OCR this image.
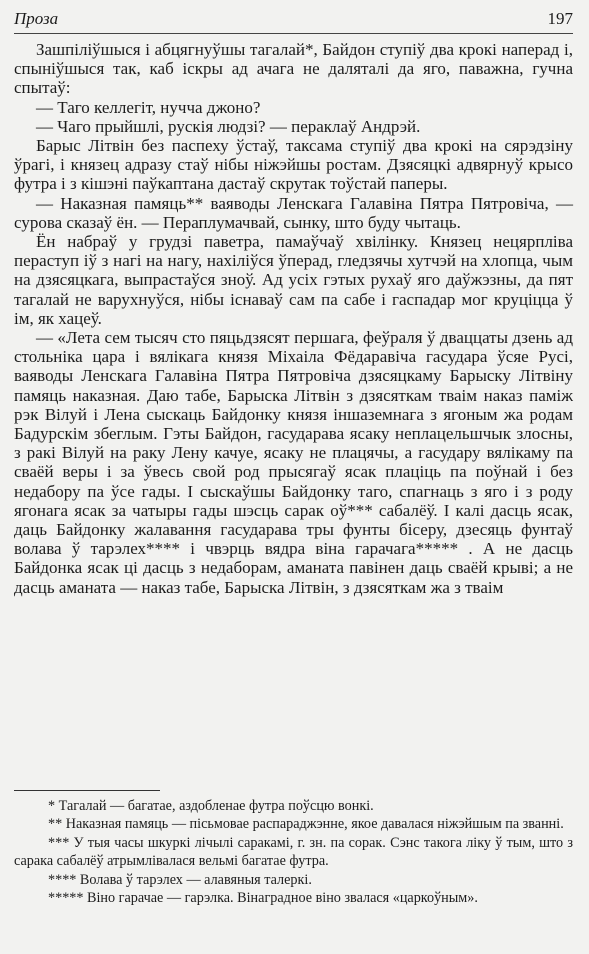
Проза	197

Зашпiлiўшыся i абцягнуўшы тагалай*, Байдон ступiў два крокi наперад i, спынiўшыся так, каб iскры ад ачага не далятaлi да яго, паважна, гучна спытаў:

— Таго келлегiт, нучча джоно?

— Чаго прыйшлi, рускiя людзi? — пераклаў Андрэй.

Барыс Лiтвiн без паспеху ўстаў, таксама ступiў два крокi на сярэдзiну ўрагi, i князец адразу стаў нiбы нiжэйшы ростам. Дзясяцкi адвярнуў крысо футра i з кiшэнi паўкаптана дастаў скрутак тоўстай паперы.

— Наказная памяць** ваяводы Ленскага Галавiна Пятра Пятровiча, — сурова сказаў ён. — Пераплумачвай, сынку, што буду чытаць.

Ён набраў у грудзi паветра, памаўчаў хвiлiнку. Князец нецярплiва пераступ iў з нагi на нагу, нахiлiўся ўперад, гледзячы хутчэй на хлопца, чым на дзясяцкага, выпрастаўся зноў. Ад усiх гэтых рухаў яго даўжэзны, да пят тагалай не варухнуўся, нiбы iснаваў сам па сабе i гаспадар мог круцiцца ў iм, як хацеў.

— «Лета сем тысяч сто пяцьдзясят першага, феўраля ў дваццаты дзень ад стольнiка цара i вялiкага князя Мiхаiла Фёдаравiча гасудара ўсяе Русi, ваяводы Ленскага Галавiна Пятра Пятровiча дзясяцкаму Барыску Лiтвiну памяць наказная. Даю табе, Барыска Лiтвiн з дзясяткам тваiм наказ памiж рэк Вiлуй i Лена сыскаць Байдонку князя iншаземнага з ягоным жа родам Бадурскiм збеглым. Гэты Байдон, гасударава ясаку неплацельшчык злосны, з ракi Вiлуй на раку Лену качуе, ясаку не плацячы, а гасудару вялiкаму па сваёй веры i за ўвесь свой род прысягаў ясак плацiць па поўнай i без недабору па ўсе гады. I сыскаўшы Байдонку таго, спагнаць з яго i з роду ягонага ясак за чатыры гады шэсць сарак оў*** сабалёў. I калi дасць ясак, даць Байдонку жалавання гасударава тры фунты бiсеру, дзесяць фунтаў волава ў тарэлех**** i чвэрць вядра вiна гарачага***** . А не дасць Байдонка ясак цi дасць з недаборам, аманата павiнен даць сваёй крывi; а не дасць аманата — наказ табе, Барыска Лiтвiн, з дзясяткам жа з тваiм

* Тагалай — багатае, аздобленае футра поўсцю вонкi.

** Наказная памяць — пiсьмовае распараджэнне, якое давалася нiжэйшым па званнi.

*** У тыя часы шкуркi лiчылi саракамi, г. зн. па сорак. Сэнс такога лiку ў тым, што з сарака сабалёў атрымлiвалася вельмi багатае футра.

**** Волава ў тарэлех — алавяныя талеркi.

***** Вiно гарачае — гарэлка. Вiнаградное вiно звалася «царкоўным».
